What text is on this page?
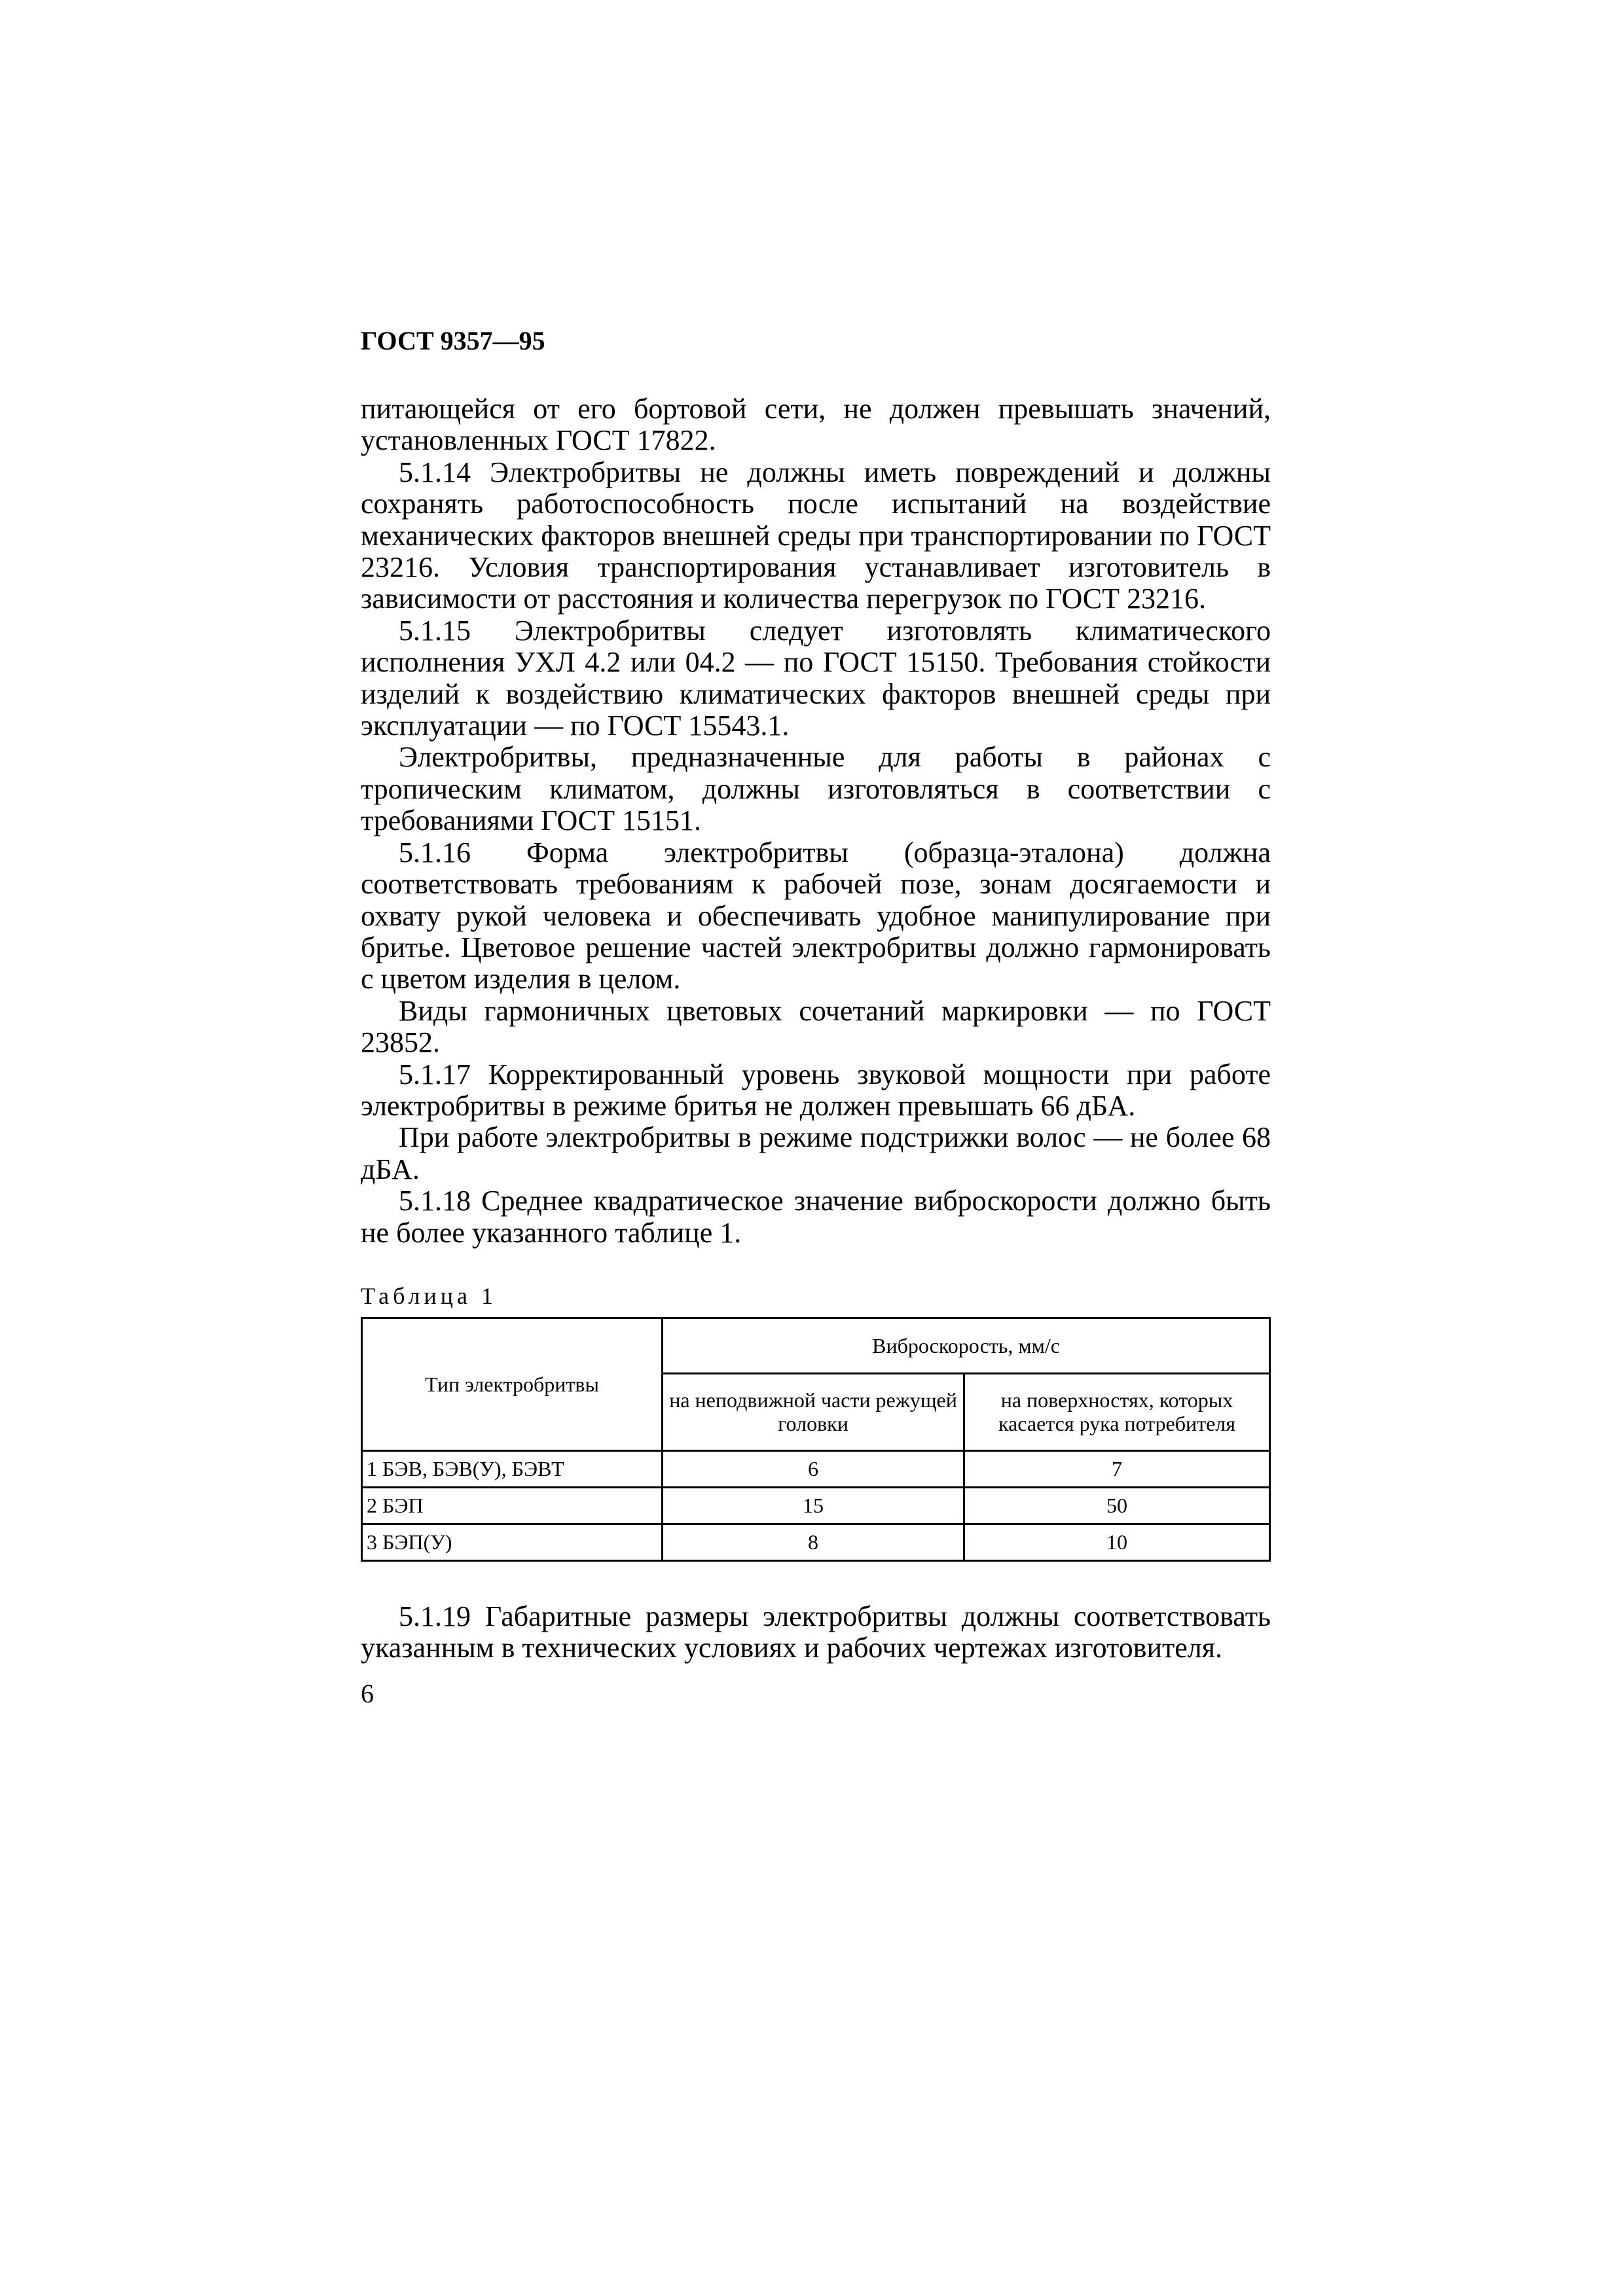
ГОСТ 9357—95

питающейся от его бортовой сети, не должен превышать значений, установленных ГОСТ 17822.

5.1.14 Электробритвы не должны иметь повреждений и должны сохранять работоспособность после испытаний на воздействие механических факторов внешней среды при транспортировании по ГОСТ 23216. Условия транспортирования устанавливает изготовитель в зависимости от расстояния и количества перегрузок по ГОСТ 23216.

5.1.15 Электробритвы следует изготовлять климатического исполнения УХЛ 4.2 или 04.2 — по ГОСТ 15150. Требования стойкости изделий к воздействию климатических факторов внешней среды при эксплуатации — по ГОСТ 15543.1.

Электробритвы, предназначенные для работы в районах с тропическим климатом, должны изготовляться в соответствии с требованиями ГОСТ 15151.

5.1.16 Форма электробритвы (образца-эталона) должна соответствовать требованиям к рабочей позе, зонам досягаемости и охвату рукой человека и обеспечивать удобное манипулирование при бритье. Цветовое решение частей электробритвы должно гармонировать с цветом изделия в целом.

Виды гармоничных цветовых сочетаний маркировки — по ГОСТ 23852.

5.1.17 Корректированный уровень звуковой мощности при работе электробритвы в режиме бритья не должен превышать 66 дБА.

При работе электробритвы в режиме подстрижки волос — не более 68 дБА.

5.1.18 Среднее квадратическое значение виброскорости должно быть не более указанного таблице 1.

Таблица 1
Тип электробритвы	Виброскорость, мм/с	
	на неподвижной части режущей головки	на поверхностях, которых касается рука потребителя
1 БЭВ, БЭВ(У), БЭВТ	6	7
2 БЭП	15	50
3 БЭП(У)	8	10

5.1.19 Габаритные размеры электробритвы должны соответствовать указанным в технических условиях и рабочих чертежах изготовителя.

6
